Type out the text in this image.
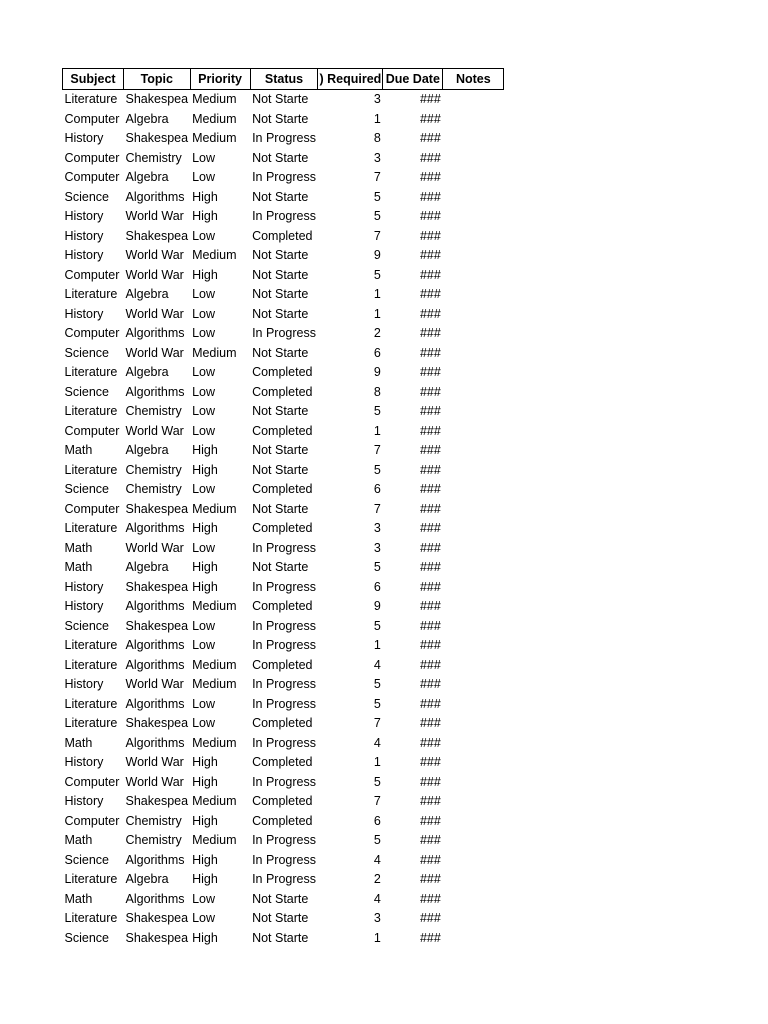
Subject	Topic	Priority	Status	Required (	Due Date	Notes
Literature	Shakespea	Medium	Not Starte	3	###	
Computer	Algebra	Medium	Not Starte	1	###	
History	Shakespea	Medium	In Progress	8	###	
Computer	Chemistry	Low	Not Starte	3	###	
Computer	Algebra	Low	In Progress	7	###	
Science	Algorithms	High	Not Starte	5	###	
History	World War	High	In Progress	5	###	
History	Shakespea	Low	Completed	7	###	
History	World War	Medium	Not Starte	9	###	
Computer	World War	High	Not Starte	5	###	
Literature	Algebra	Low	Not Starte	1	###	
History	World War	Low	Not Starte	1	###	
Computer	Algorithms	Low	In Progress	2	###	
Science	World War	Medium	Not Starte	6	###	
Literature	Algebra	Low	Completed	9	###	
Science	Algorithms	Low	Completed	8	###	
Literature	Chemistry	Low	Not Starte	5	###	
Computer	World War	Low	Completed	1	###	
Math	Algebra	High	Not Starte	7	###	
Literature	Chemistry	High	Not Starte	5	###	
Science	Chemistry	Low	Completed	6	###	
Computer	Shakespea	Medium	Not Starte	7	###	
Literature	Algorithms	High	Completed	3	###	
Math	World War	Low	In Progress	3	###	
Math	Algebra	High	Not Starte	5	###	
History	Shakespea	High	In Progress	6	###	
History	Algorithms	Medium	Completed	9	###	
Science	Shakespea	Low	In Progress	5	###	
Literature	Algorithms	Low	In Progress	1	###	
Literature	Algorithms	Medium	Completed	4	###	
History	World War	Medium	In Progress	5	###	
Literature	Algorithms	Low	In Progress	5	###	
Literature	Shakespea	Low	Completed	7	###	
Math	Algorithms	Medium	In Progress	4	###	
History	World War	High	Completed	1	###	
Computer	World War	High	In Progress	5	###	
History	Shakespea	Medium	Completed	7	###	
Computer	Chemistry	High	Completed	6	###	
Math	Chemistry	Medium	In Progress	5	###	
Science	Algorithms	High	In Progress	4	###	
Literature	Algebra	High	In Progress	2	###	
Math	Algorithms	Low	Not Starte	4	###	
Literature	Shakespea	Low	Not Starte	3	###	
Science	Shakespea	High	Not Starte	1	###	
